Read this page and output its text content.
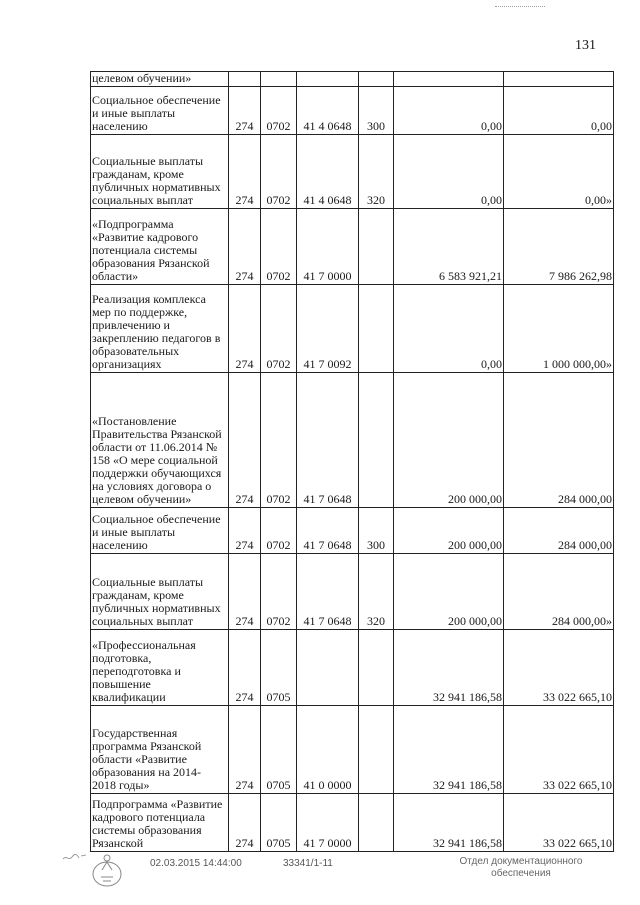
131
целевом обучении»						
Социальное обеспечение и иные выплаты населению	274	0702	41 4 0648	300	0,00	0,00
Социальные выплаты гражданам, кроме публичных нормативных социальных выплат	274	0702	41 4 0648	320	0,00	0,00»
«Подпрограмма «Развитие кадрового потенциала системы образования Рязанской области»	274	0702	41 7 0000		6 583 921,21	7 986 262,98
Реализация комплекса мер по поддержке, привлечению и закреплению педагогов в образовательных организациях	274	0702	41 7 0092		0,00	1 000 000,00»
«Постановление Правительства Рязанской области от 11.06.2014 № 158 «О мере социальной поддержки обучающихся на условиях договора о целевом обучении»	274	0702	41 7 0648		200 000,00	284 000,00
Социальное обеспечение и иные выплаты населению	274	0702	41 7 0648	300	200 000,00	284 000,00
Социальные выплаты гражданам, кроме публичных нормативных социальных выплат	274	0702	41 7 0648	320	200 000,00	284 000,00»
«Профессиональная подготовка, переподготовка и повышение квалификации	274	0705			32 941 186,58	33 022 665,10
Государственная программа Рязанской области «Развитие образования на 2014- 2018 годы»	274	0705	41 0 0000		32 941 186,58	33 022 665,10
Подпрограмма «Развитие кадрового потенциала системы образования Рязанской	274	0705	41 7 0000		32 941 186,58	33 022 665,10
02.03.2015 14:44:00	33341/1-11	Отдел документационного
обеспечения
